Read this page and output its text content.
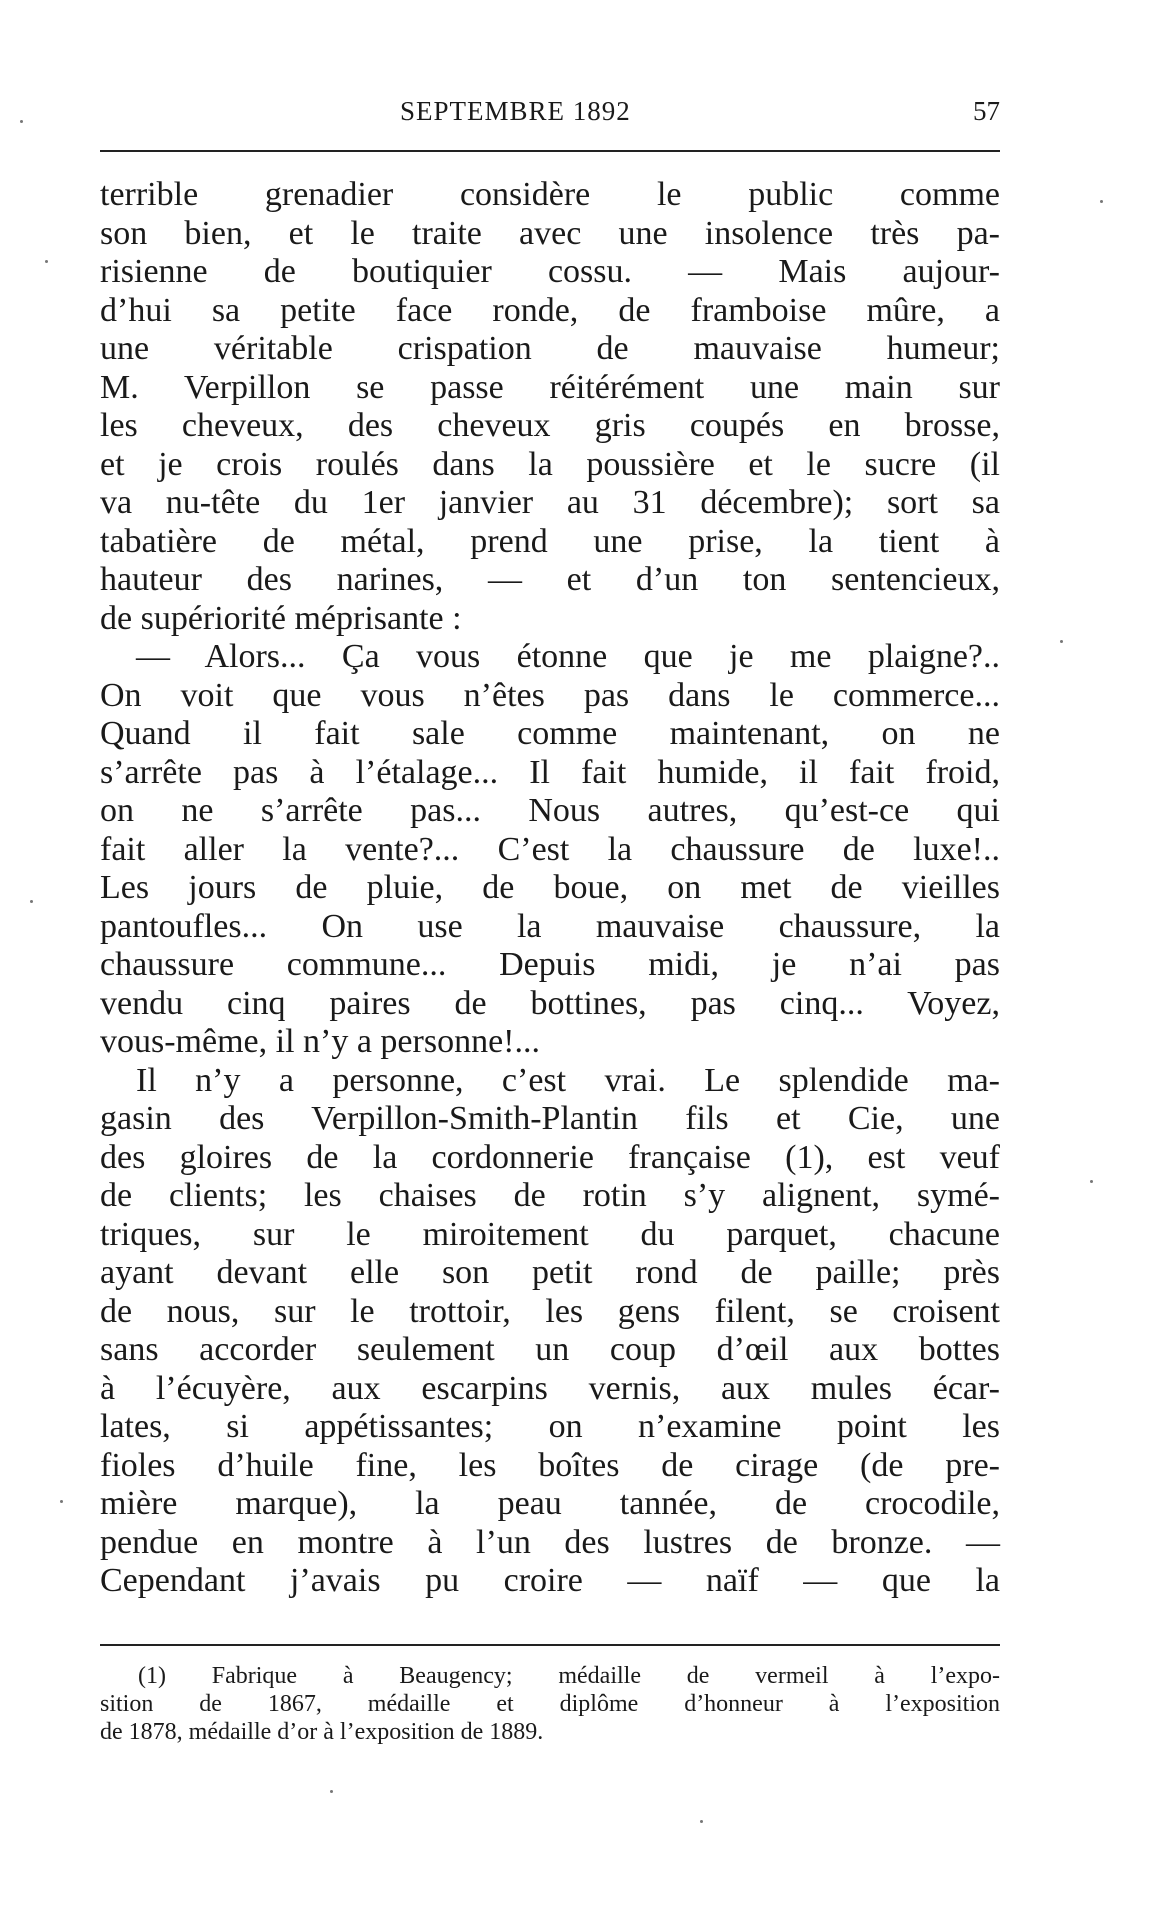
SEPTEMBRE 1892	57
terrible grenadier considère le public comme
son bien, et le traite avec une insolence très pa-
risienne de boutiquier cossu. — Mais aujour-
d’hui sa petite face ronde, de framboise mûre, a
une véritable crispation de mauvaise humeur;
M. Verpillon se passe réitérément une main sur
les cheveux, des cheveux gris coupés en brosse,
et je crois roulés dans la poussière et le sucre (il
va nu-tête du 1er janvier au 31 décembre); sort sa
tabatière de métal, prend une prise, la tient à
hauteur des narines, — et d’un ton sentencieux,
de supériorité méprisante :
— Alors... Ça vous étonne que je me plaigne?..
On voit que vous n’êtes pas dans le commerce...
Quand il fait sale comme maintenant, on ne
s’arrête pas à l’étalage... Il fait humide, il fait froid,
on ne s’arrête pas... Nous autres, qu’est-ce qui
fait aller la vente?... C’est la chaussure de luxe!..
Les jours de pluie, de boue, on met de vieilles
pantoufles... On use la mauvaise chaussure, la
chaussure commune... Depuis midi, je n’ai pas
vendu cinq paires de bottines, pas cinq... Voyez,
vous-même, il n’y a personne!...
Il n’y a personne, c’est vrai. Le splendide ma-
gasin des Verpillon-Smith-Plantin fils et Cie, une
des gloires de la cordonnerie française (1), est veuf
de clients; les chaises de rotin s’y alignent, symé-
triques, sur le miroitement du parquet, chacune
ayant devant elle son petit rond de paille; près
de nous, sur le trottoir, les gens filent, se croisent
sans accorder seulement un coup d’œil aux bottes
à l’écuyère, aux escarpins vernis, aux mules écar-
lates, si appétissantes; on n’examine point les
fioles d’huile fine, les boîtes de cirage (de pre-
mière marque), la peau tannée, de crocodile,
pendue en montre à l’un des lustres de bronze. —
Cependant j’avais pu croire — naïf — que la
(1) Fabrique à Beaugency; médaille de vermeil à l’expo-
sition de 1867, médaille et diplôme d’honneur à l’exposition
de 1878, médaille d’or à l’exposition de 1889.
